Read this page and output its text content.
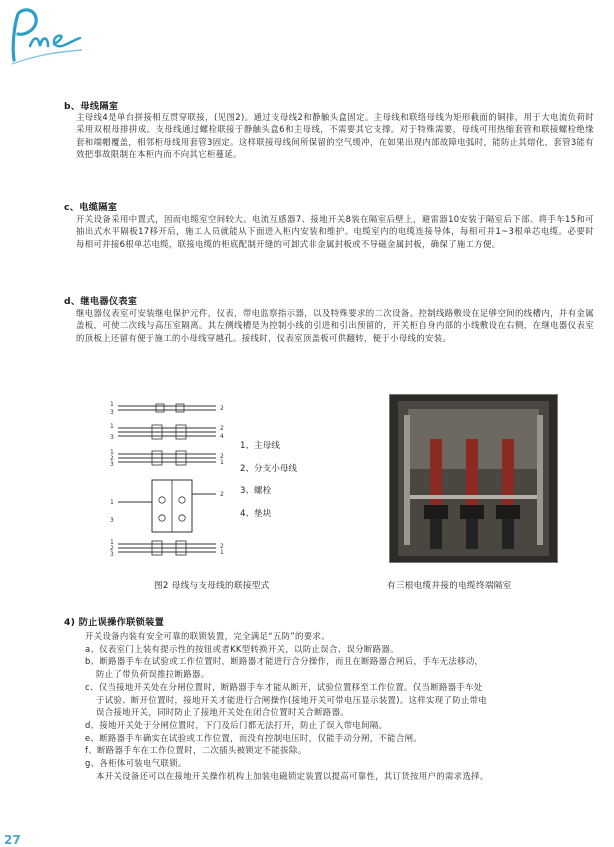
b、母线隔室

主母线4是单台拼接相互贯穿联接，(见图2)。通过支母线2和静触头盒固定。主母线和联络母线为矩形截面的铜排，用于大电流负荷时采用双根母排拼成。支母线通过螺栓联接于静触头盒6和主母线，不需要其它支撑。对于特殊需要，母线可用热缩套管和联接螺栓绝缘套和端帽覆盖，相邻柜母线用套管3固定。这样联接母线间所保留的空气缓冲，在如果出现内部故障电弧时，能防止其熔化，套管3能有效把事故限制在本柜内而不向其它柜蔓延。

c、电缆隔室

开关设备采用中置式，因而电缆室空间较大。电流互感器7、接地开关8装在隔室后壁上，避雷器10安装于隔室后下部。将手车15和可抽出式水平隔板17移开后，施工人员就能从下面进入柜内安装和维护。电缆室内的电缆连接导体，每相可并1~3根单芯电缆。必要时每相可并接6根单芯电缆，联接电缆的柜底配制开缝的可卸式非金属封板或不导磁金属封板，确保了施工方便。

d、继电器仪表室

继电器仪表室可安装继电保护元件，仪表，带电监察指示器，以及特殊要求的二次设备。控制线路敷设在足够空间的线槽内，并有金属盖板，可使二次线与高压室隔离。其左侧线槽是为控制小线的引进和引出预留的，开关柜自身内部的小线敷设在右侧，在继电器仪表室的顶板上还留有便于施工的小母线穿越孔。接线时，仪表室顶盖板可供翻转，便于小母线的安装。

1
3
2
1
3
2
4
1
2
3
2
1
1
3
2
1
2
3
2
1
1、主母线
2、分支小母线
3、螺栓
4、垫块
图2 母线与支母线的联接型式	有三根电缆并接的电缆终端隔室
4) 防止误操作联锁装置

开关设备内装有安全可靠的联锁装置，完全满足“五防”的要求。

a、仪表室门上装有提示性的按钮或者KK型转换开关，以防止误合、误分断路器。

b、断路器手车在试验或工作位置时，断路器才能进行合分操作，而且在断路器合闸后，手车无法移动，

防止了带负荷误推拉断路器。

c、仅当接地开关处在分闸位置时，断路器手车才能从断开，试验位置移至工作位置。仅当断路器手车处

于试验、断开位置时，接地开关才能进行合闸操作(接地开关可带电压显示装置)。这样实现了防止带电

误合接地开关，同时防止了接地开关处在闭合位置时关合断路器。

d、接地开关处于分闸位置时，下门及后门都无法打开，防止了误入带电间隔。

e、断路器手车确实在试验或工作位置，而没有控制电压时，仅能手动分闸，不能合闸。

f、断路器手车在工作位置时，二次插头被锁定不能拔除。

g、各柜体可装电气联锁。

本开关设备还可以在接地开关操作机构上加装电磁锁定装置以提高可靠性，其订货按用户的需求选择。

27
